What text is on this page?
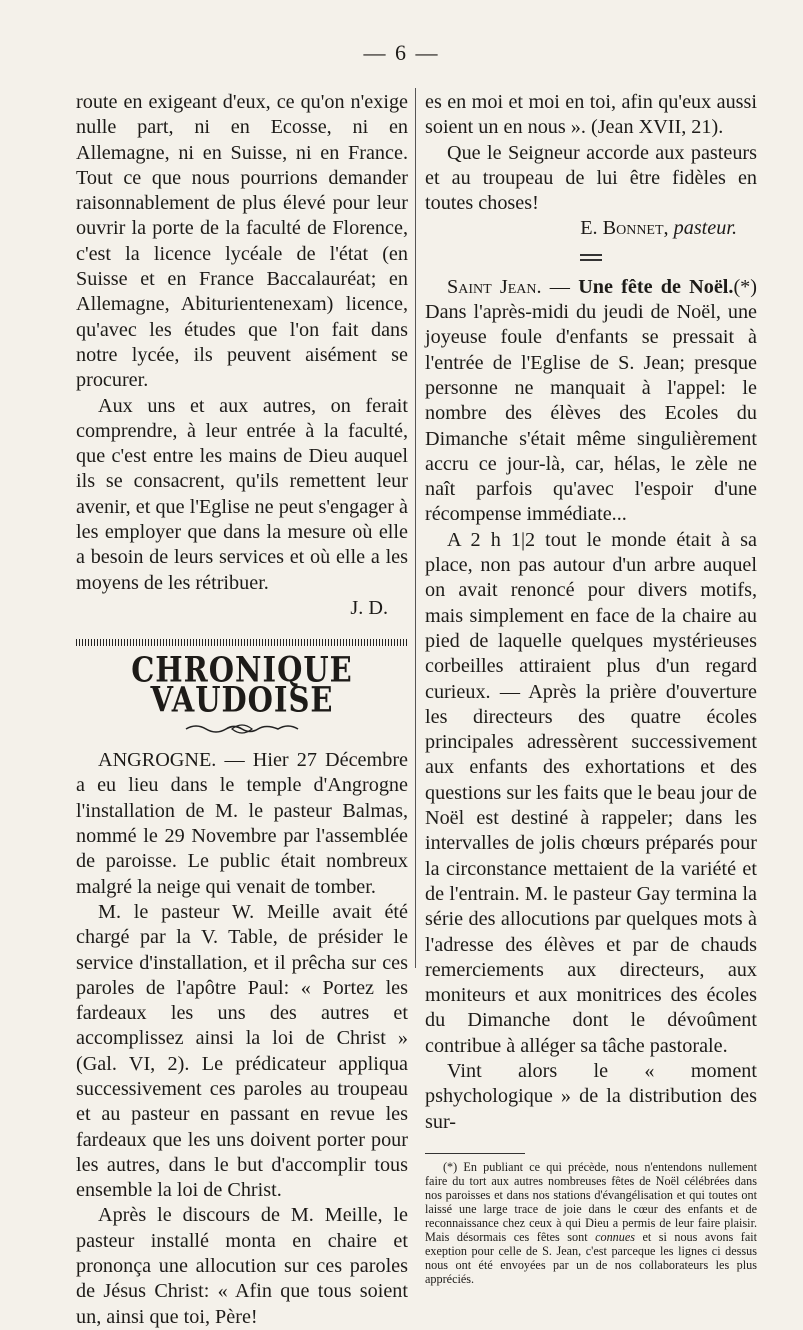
— 6 —

route en exigeant d'eux, ce qu'on n'exige nulle part, ni en Ecosse, ni en Allemagne, ni en Suisse, ni en France. Tout ce que nous pourrions demander raisonnablement de plus élevé pour leur ouvrir la porte de la faculté de Florence, c'est la licence lycéale de l'état (en Suisse et en France Baccalauréat; en Allemagne, Abiturientenexam) licence, qu'avec les études que l'on fait dans notre lycée, ils peuvent aisément se procurer.

Aux uns et aux autres, on ferait comprendre, à leur entrée à la faculté, que c'est entre les mains de Dieu auquel ils se consacrent, qu'ils remettent leur avenir, et que l'Eglise ne peut s'engager à les employer que dans la mesure où elle a besoin de leurs services et où elle a les moyens de les rétribuer.

J. D.

CHRONIQUE VAUDOISE

ANGROGNE. — Hier 27 Décembre a eu lieu dans le temple d'Angrogne l'installation de M. le pasteur Balmas, nommé le 29 Novembre par l'assemblée de paroisse. Le public était nombreux malgré la neige qui venait de tomber.

M. le pasteur W. Meille avait été chargé par la V. Table, de présider le service d'installation, et il prêcha sur ces paroles de l'apôtre Paul: « Portez les fardeaux les uns des autres et accomplissez ainsi la loi de Christ » (Gal. VI, 2). Le prédicateur appliqua successivement ces paroles au troupeau et au pasteur en passant en revue les fardeaux que les uns doivent porter pour les autres, dans le but d'accomplir tous ensemble la loi de Christ.

Après le discours de M. Meille, le pasteur installé monta en chaire et prononça une allocution sur ces paroles de Jésus Christ: « Afin que tous soient un, ainsi que toi, Père!

es en moi et moi en toi, afin qu'eux aussi soient un en nous ». (Jean XVII, 21).

Que le Seigneur accorde aux pasteurs et au troupeau de lui être fidèles en toutes choses!

E. Bonnet, pasteur.

Saint Jean. — Une fête de Noël.(*) Dans l'après-midi du jeudi de Noël, une joyeuse foule d'enfants se pressait à l'entrée de l'Eglise de S. Jean; presque personne ne manquait à l'appel: le nombre des élèves des Ecoles du Dimanche s'était même singulièrement accru ce jour-là, car, hélas, le zèle ne naît parfois qu'avec l'espoir d'une récompense immédiate...

A 2 h 1|2 tout le monde était à sa place, non pas autour d'un arbre auquel on avait renoncé pour divers motifs, mais simplement en face de la chaire au pied de laquelle quelques mystérieuses corbeilles attiraient plus d'un regard curieux. — Après la prière d'ouverture les directeurs des quatre écoles principales adressèrent successivement aux enfants des exhortations et des questions sur les faits que le beau jour de Noël est destiné à rappeler; dans les intervalles de jolis chœurs préparés pour la circonstance mettaient de la variété et de l'entrain. M. le pasteur Gay termina la série des allocutions par quelques mots à l'adresse des élèves et par de chauds remerciements aux directeurs, aux moniteurs et aux monitrices des écoles du Dimanche dont le dévoûment contribue à alléger sa tâche pastorale.

Vint alors le « moment pshychologique » de la distribution des sur-

(*) En publiant ce qui précède, nous n'entendons nullement faire du tort aux autres nombreuses fêtes de Noël célébrées dans nos paroisses et dans nos stations d'évangélisation et qui toutes ont laissé une large trace de joie dans le cœur des enfants et de reconnaissance chez ceux à qui Dieu a permis de leur faire plaisir. Mais désormais ces fêtes sont connues et si nous avons fait exeption pour celle de S. Jean, c'est parceque les lignes ci dessus nous ont été envoyées par un de nos collaborateurs les plus appréciés.
